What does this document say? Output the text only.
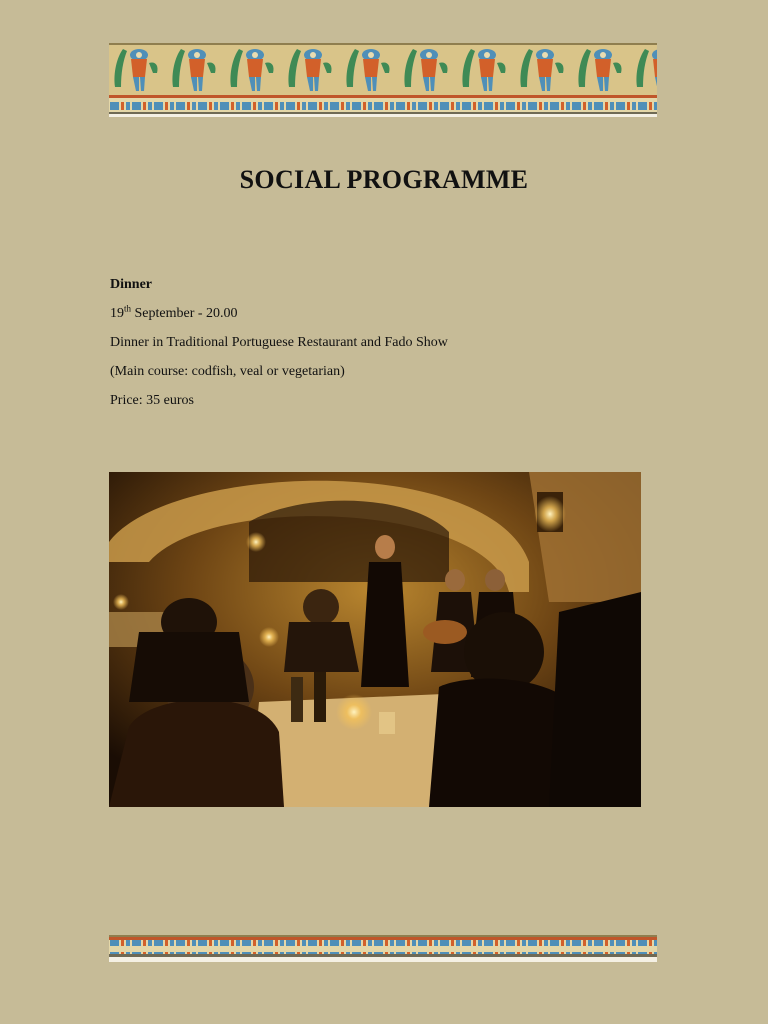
SOCIAL PROGRAMME

Dinner

19th September - 20.00

Dinner in Traditional Portuguese Restaurant and Fado Show

(Main course: codfish, veal or vegetarian)

Price: 35 euros
